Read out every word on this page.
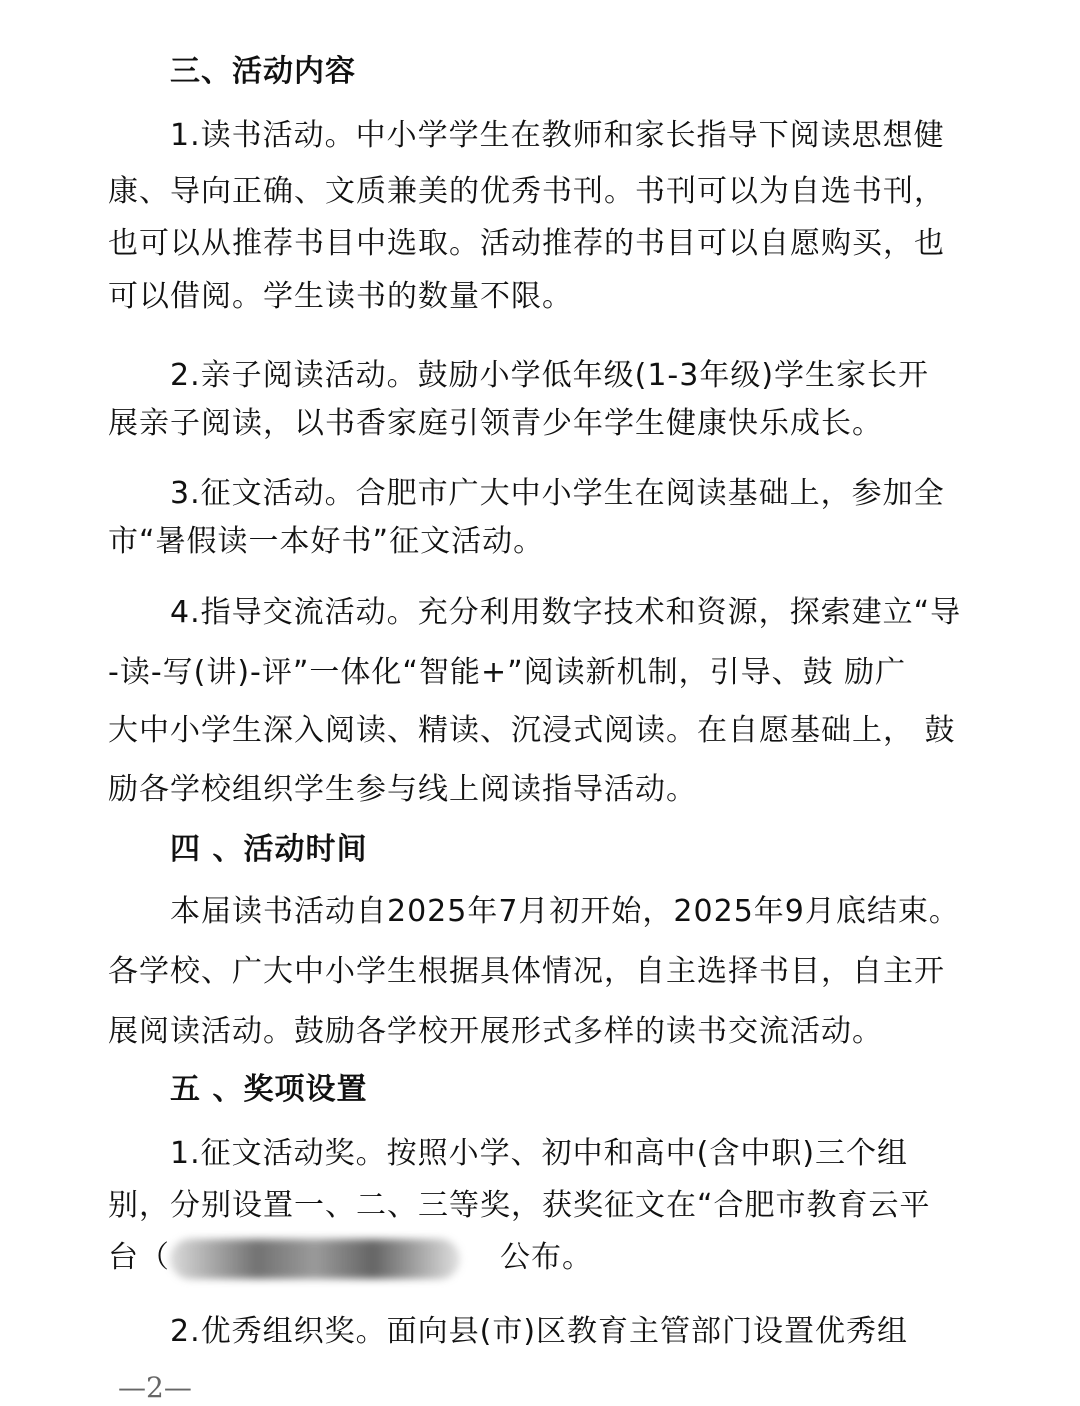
三、活动内容
1.读书活动。中小学学生在教师和家长指导下阅读思想健
康、导向正确、文质兼美的优秀书刊。书刊可以为自选书刊，
也可以从推荐书目中选取。活动推荐的书目可以自愿购买，也
可以借阅。学生读书的数量不限。
2.亲子阅读活动。鼓励小学低年级(1-3年级)学生家长开
展亲子阅读，以书香家庭引领青少年学生健康快乐成长。
3.征文活动。合肥市广大中小学生在阅读基础上，参加全
市“暑假读一本好书”征文活动。
4.指导交流活动。充分利用数字技术和资源，探索建立“导
-读-写(讲)-评”一体化“智能+”阅读新机制，引导、鼓 励广
大中小学生深入阅读、精读、沉浸式阅读。在自愿基础上， 鼓
励各学校组织学生参与线上阅读指导活动。
四 、活动时间
本届读书活动自2025年7月初开始，2025年9月底结束。
各学校、广大中小学生根据具体情况，自主选择书目，自主开
展阅读活动。鼓励各学校开展形式多样的读书交流活动。
五 、奖项设置
1.征文活动奖。按照小学、初中和高中(含中职)三个组
别，分别设置一、二、三等奖，获奖征文在“合肥市教育云平
台（	公布。
2.优秀组织奖。面向县(市)区教育主管部门设置优秀组
—2—
